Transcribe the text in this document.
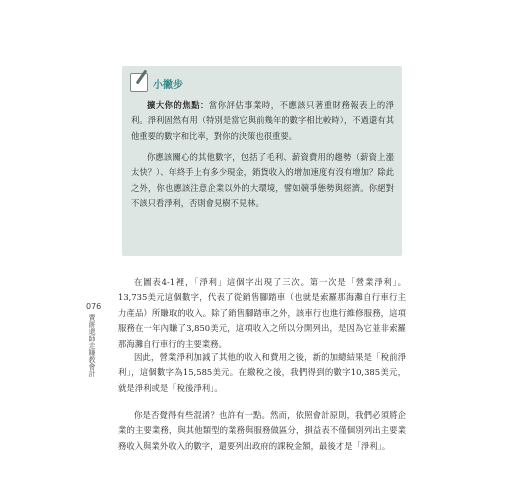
小撇步
擴大你的焦點：當你評估事業時，不應該只著重財務報表上的淨利。淨利固然有用（特別是當它與前幾年的數字相比較時），不過還有其他重要的數字和比率，對你的決策也很重要。
你應該關心的其他數字，包括了毛利、薪資費用的趨勢（薪資上漲太快？）、年終手上有多少現金，銷貨收入的增加速度有沒有增加？除此之外，你也應該注意企業以外的大環境，譬如競爭態勢與經濟。你絕對不該只看淨利，否則會見樹不見林。
在圖表4-1裡，「淨利」這個字出現了三次。第一次是「營業淨利」。13,735美元這個數字，代表了從銷售腳踏車（也就是索羅那海灘自行車行主力產品）所賺取的收入。除了銷售腳踏車之外，該車行也進行維修服務，這項服務在一年內賺了3,850美元，這項收入之所以分開列出，是因為它並非索羅那海灘自行車行的主要業務。
因此，營業淨利加減了其他的收入和費用之後，新的加總結果是「稅前淨利」，這個數字為15,585美元。在繳稅之後，我們得到的數字10,385美元，就是淨利或是「稅後淨利」。
你是否覺得有些混淆？也許有一點。然而，依照會計原則，我們必須將企業的主要業務，與其他類型的業務與服務做區分，損益表不僅個別列出主要業務收入與業外收入的數字，還要列出政府的課稅金額，最後才是「淨利」。
076
賣餅還師走賺教會計
